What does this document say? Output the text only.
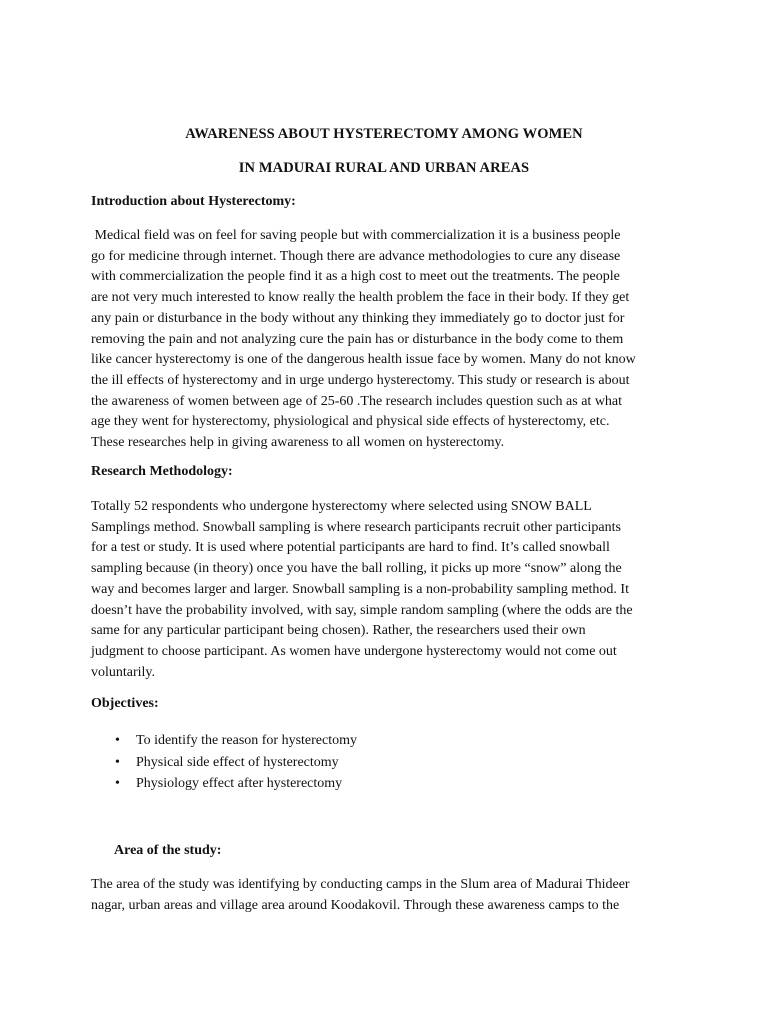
AWARENESS ABOUT HYSTERECTOMY AMONG WOMEN
IN MADURAI RURAL AND URBAN AREAS
Introduction about Hysterectomy:
Medical field was on feel for saving people but with commercialization it is a business people
go for medicine through internet. Though there are advance methodologies to cure any disease
with commercialization the people find it as a high cost to meet out the treatments. The people
are not very much interested to know really the health problem the face in their body. If they get
any pain or disturbance in the body without any thinking they immediately go to doctor just for
removing the pain and not analyzing cure the pain has or disturbance in the body come to them
like cancer hysterectomy is one of the dangerous health issue face by women. Many do not know
the ill effects of hysterectomy and in urge undergo hysterectomy. This study or research is about
the awareness of women between age of 25-60 .The research includes question such as at what
age they went for hysterectomy, physiological and physical side effects of hysterectomy, etc.
These researches help in giving awareness to all women on hysterectomy.
Research Methodology:
Totally 52 respondents who undergone hysterectomy where selected using SNOW BALL
Samplings method. Snowball sampling is where research participants recruit other participants
for a test or study. It is used where potential participants are hard to find. It’s called snowball
sampling because (in theory) once you have the ball rolling, it picks up more “snow” along the
way and becomes larger and larger. Snowball sampling is a non-probability sampling method. It
doesn’t have the probability involved, with say, simple random sampling (where the odds are the
same for any particular participant being chosen). Rather, the researchers used their own
judgment to choose participant. As women have undergone hysterectomy would not come out
voluntarily.
Objectives:
• To identify the reason for hysterectomy
• Physical side effect of hysterectomy
• Physiology effect after hysterectomy
Area of the study:
The area of the study was identifying by conducting camps in the Slum area of Madurai Thideer
nagar, urban areas and village area around Koodakovil. Through these awareness camps to the
